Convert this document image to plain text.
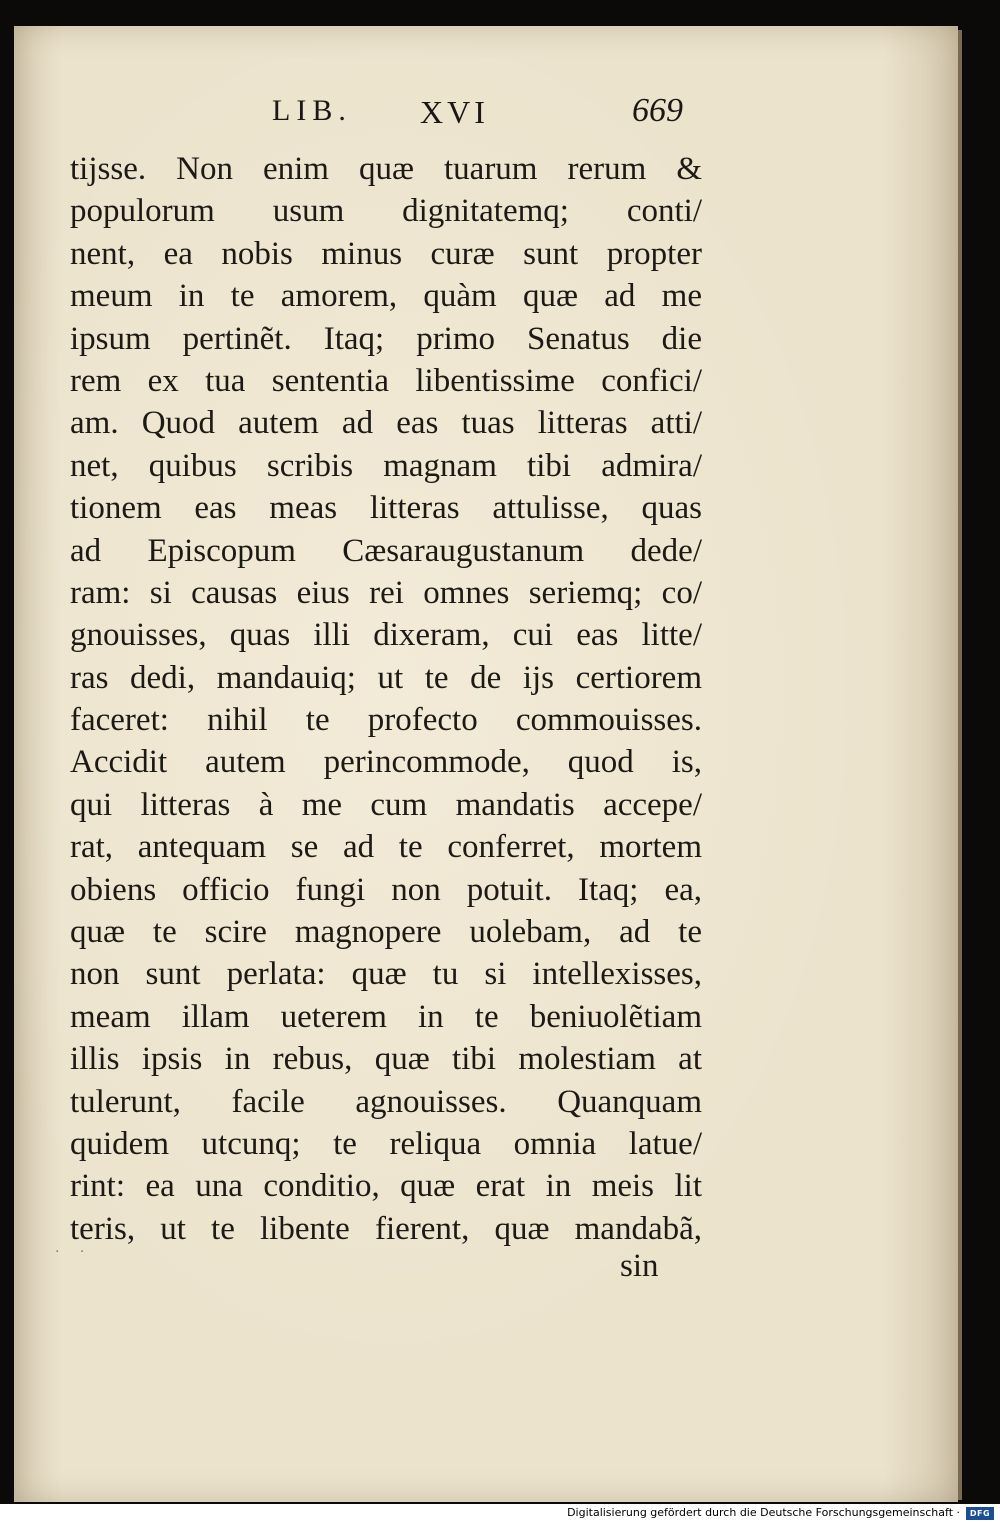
LIB. XVI	669
tijsse. Non enim quæ tuarum rerum &
populorum usum dignitatemq; conti/
nent, ea nobis minus curæ sunt propter
meum in te amorem, quàm quæ ad me
ipsum pertinẽt. Itaq; primo Senatus die
rem ex tua sententia libentissime confici/
am. Quod autem ad eas tuas litteras atti/
net, quibus scribis magnam tibi admira/
tionem eas meas litteras attulisse, quas
ad Episcopum Cæsaraugustanum dede/
ram: si causas eius rei omnes seriemq; co/
gnouisses, quas illi dixeram, cui eas litte/
ras dedi, mandauiq; ut te de ijs certiorem
faceret: nihil te profecto commouisses.
Accidit autem perincommode, quod is,
qui litteras à me cum mandatis accepe/
rat, antequam se ad te conferret, mortem
obiens officio fungi non potuit. Itaq; ea,
quæ te scire magnopere uolebam, ad te
non sunt perlata: quæ tu si intellexisses,
meam illam ueterem in te beniuolẽtiam
illis ipsis in rebus, quæ tibi molestiam at
tulerunt, facile agnouisses. Quanquam
quidem utcunq; te reliqua omnia latue/
rint: ea una conditio, quæ erat in meis lit
teris, ut te libente fierent, quæ mandabã,
· ·	sin
Digitalisierung gefördert durch die Deutsche Forschungsgemeinschaft ·	DFG
